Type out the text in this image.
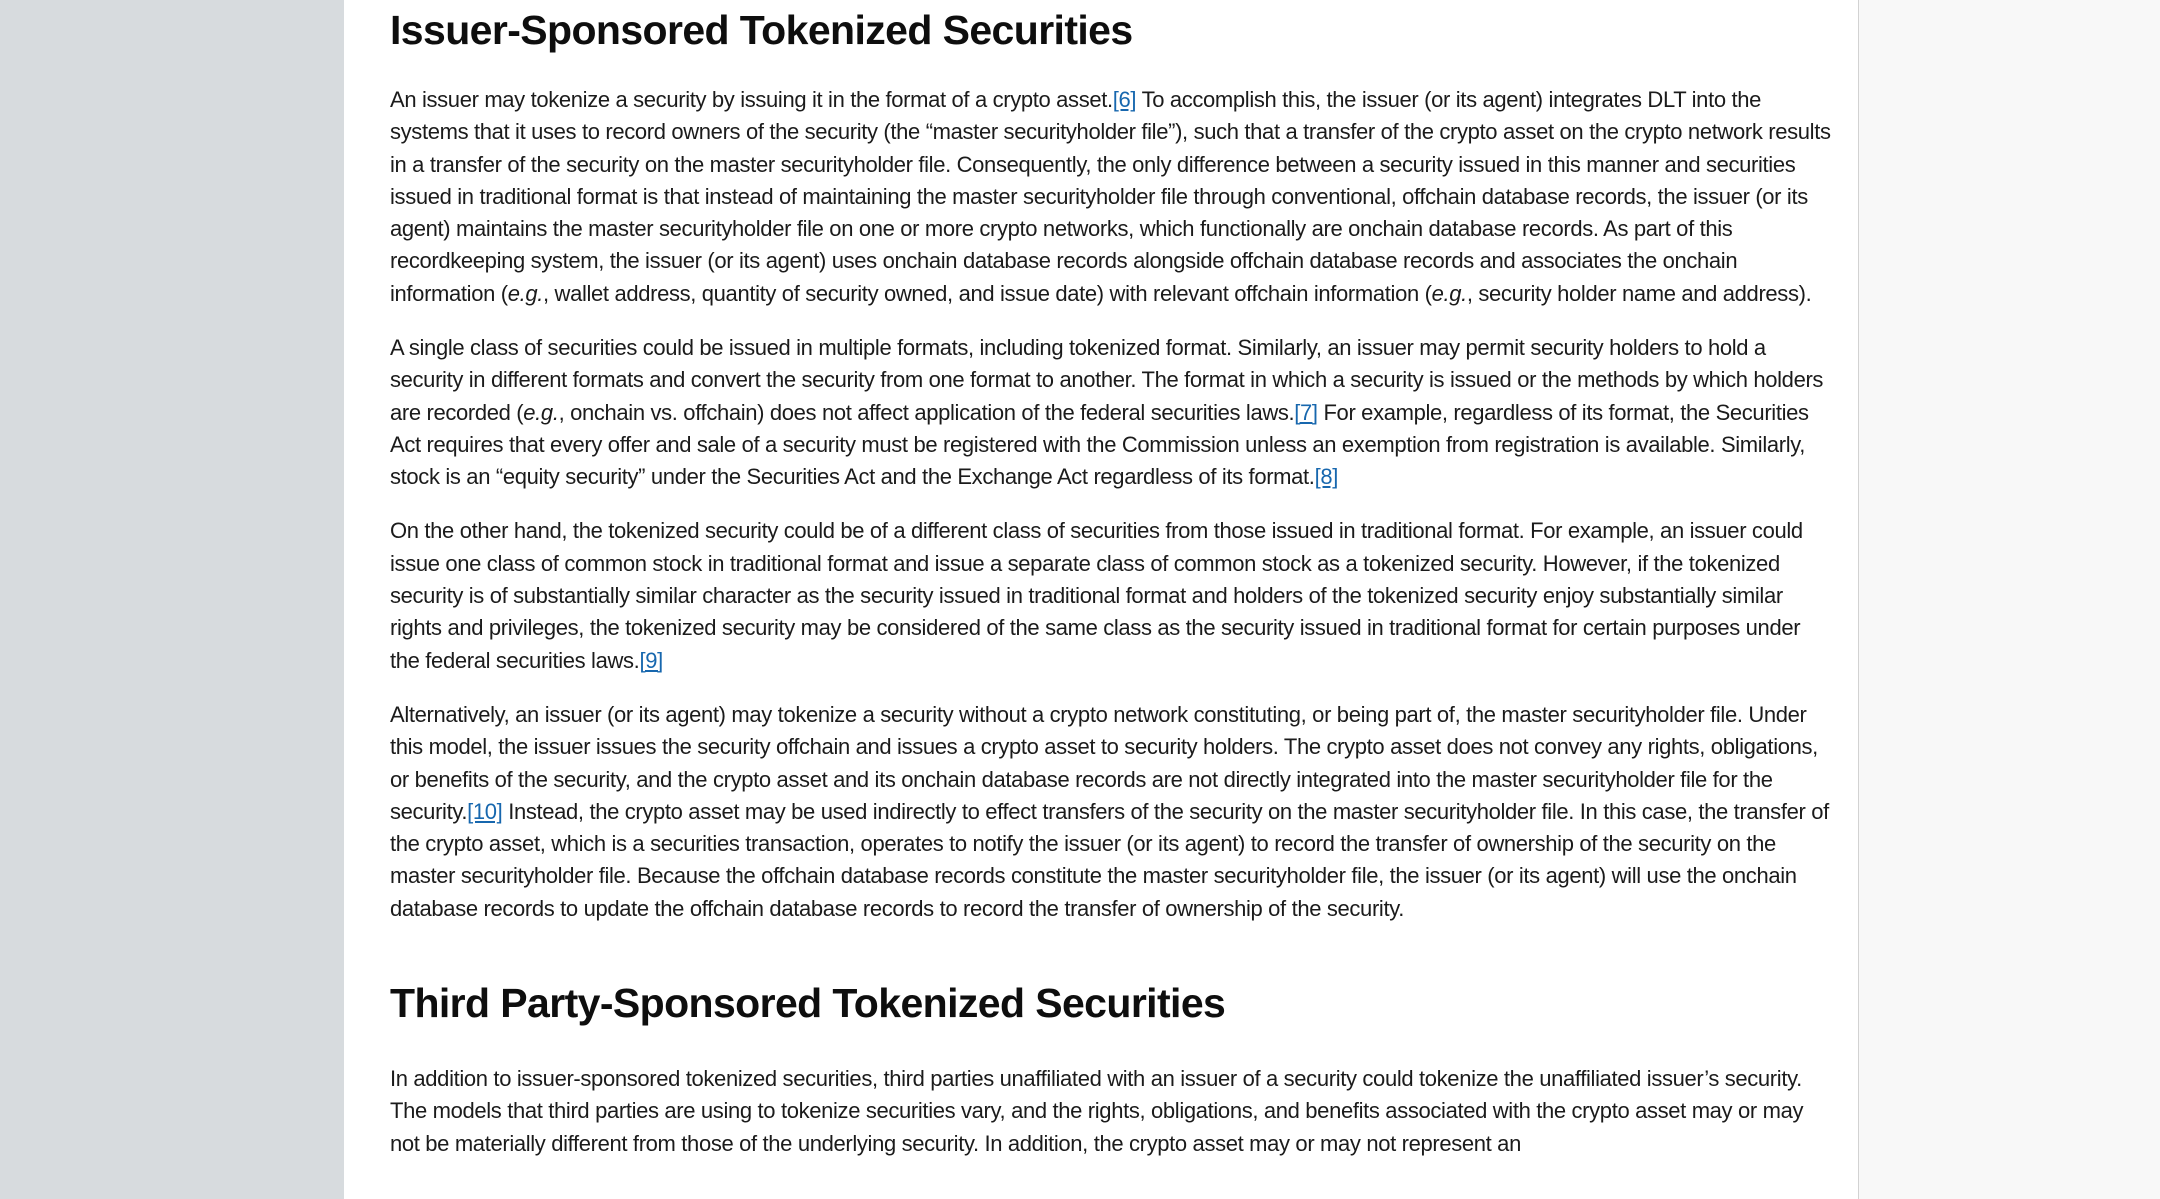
Issuer-Sponsored Tokenized Securities

An issuer may tokenize a security by issuing it in the format of a crypto asset.[6] To accomplish this, the issuer (or its agent) integrates DLT into the systems that it uses to record owners of the security (the “master securityholder file”), such that a transfer of the crypto asset on the crypto network results in a transfer of the security on the master securityholder file. Consequently, the only difference between a security issued in this manner and securities issued in traditional format is that instead of maintaining the master securityholder file through conventional, offchain database records, the issuer (or its agent) maintains the master securityholder file on one or more crypto networks, which functionally are onchain database records. As part of this recordkeeping system, the issuer (or its agent) uses onchain database records alongside offchain database records and associates the onchain information (e.g., wallet address, quantity of security owned, and issue date) with relevant offchain information (e.g., security holder name and address).

A single class of securities could be issued in multiple formats, including tokenized format. Similarly, an issuer may permit security holders to hold a security in different formats and convert the security from one format to another. The format in which a security is issued or the methods by which holders are recorded (e.g., onchain vs. offchain) does not affect application of the federal securities laws.[7] For example, regardless of its format, the Securities Act requires that every offer and sale of a security must be registered with the Commission unless an exemption from registration is available. Similarly, stock is an “equity security” under the Securities Act and the Exchange Act regardless of its format.[8]

On the other hand, the tokenized security could be of a different class of securities from those issued in traditional format. For example, an issuer could issue one class of common stock in traditional format and issue a separate class of common stock as a tokenized security. However, if the tokenized security is of substantially similar character as the security issued in traditional format and holders of the tokenized security enjoy substantially similar rights and privileges, the tokenized security may be considered of the same class as the security issued in traditional format for certain purposes under the federal securities laws.[9]

Alternatively, an issuer (or its agent) may tokenize a security without a crypto network constituting, or being part of, the master securityholder file. Under this model, the issuer issues the security offchain and issues a crypto asset to security holders. The crypto asset does not convey any rights, obligations, or benefits of the security, and the crypto asset and its onchain database records are not directly integrated into the master securityholder file for the security.[10] Instead, the crypto asset may be used indirectly to effect transfers of the security on the master securityholder file. In this case, the transfer of the crypto asset, which is a securities transaction, operates to notify the issuer (or its agent) to record the transfer of ownership of the security on the master securityholder file. Because the offchain database records constitute the master securityholder file, the issuer (or its agent) will use the onchain database records to update the offchain database records to record the transfer of ownership of the security.

Third Party-Sponsored Tokenized Securities

In addition to issuer-sponsored tokenized securities, third parties unaffiliated with an issuer of a security could tokenize the unaffiliated issuer’s security. The models that third parties are using to tokenize securities vary, and the rights, obligations, and benefits associated with the crypto asset may or may not be materially different from those of the underlying security. In addition, the crypto asset may or may not represent an
